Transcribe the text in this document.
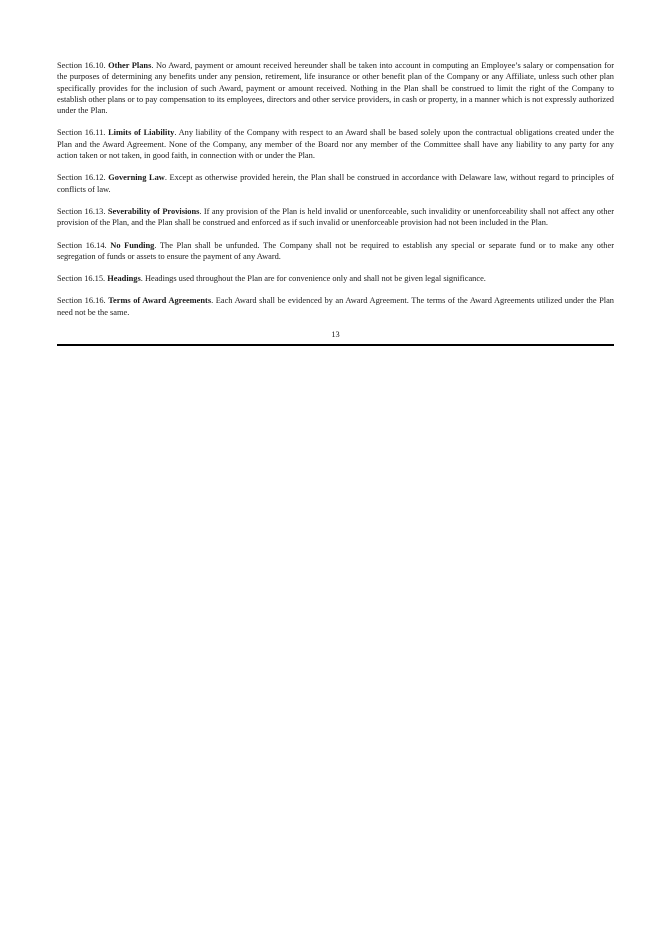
Section 16.10. Other Plans. No Award, payment or amount received hereunder shall be taken into account in computing an Employee’s salary or compensation for the purposes of determining any benefits under any pension, retirement, life insurance or other benefit plan of the Company or any Affiliate, unless such other plan specifically provides for the inclusion of such Award, payment or amount received. Nothing in the Plan shall be construed to limit the right of the Company to establish other plans or to pay compensation to its employees, directors and other service providers, in cash or property, in a manner which is not expressly authorized under the Plan.

Section 16.11. Limits of Liability. Any liability of the Company with respect to an Award shall be based solely upon the contractual obligations created under the Plan and the Award Agreement. None of the Company, any member of the Board nor any member of the Committee shall have any liability to any party for any action taken or not taken, in good faith, in connection with or under the Plan.

Section 16.12. Governing Law. Except as otherwise provided herein, the Plan shall be construed in accordance with Delaware law, without regard to principles of conflicts of law.

Section 16.13. Severability of Provisions. If any provision of the Plan is held invalid or unenforceable, such invalidity or unenforceability shall not affect any other provision of the Plan, and the Plan shall be construed and enforced as if such invalid or unenforceable provision had not been included in the Plan.

Section 16.14. No Funding. The Plan shall be unfunded. The Company shall not be required to establish any special or separate fund or to make any other segregation of funds or assets to ensure the payment of any Award.

Section 16.15. Headings. Headings used throughout the Plan are for convenience only and shall not be given legal significance.

Section 16.16. Terms of Award Agreements. Each Award shall be evidenced by an Award Agreement. The terms of the Award Agreements utilized under the Plan need not be the same.

13
